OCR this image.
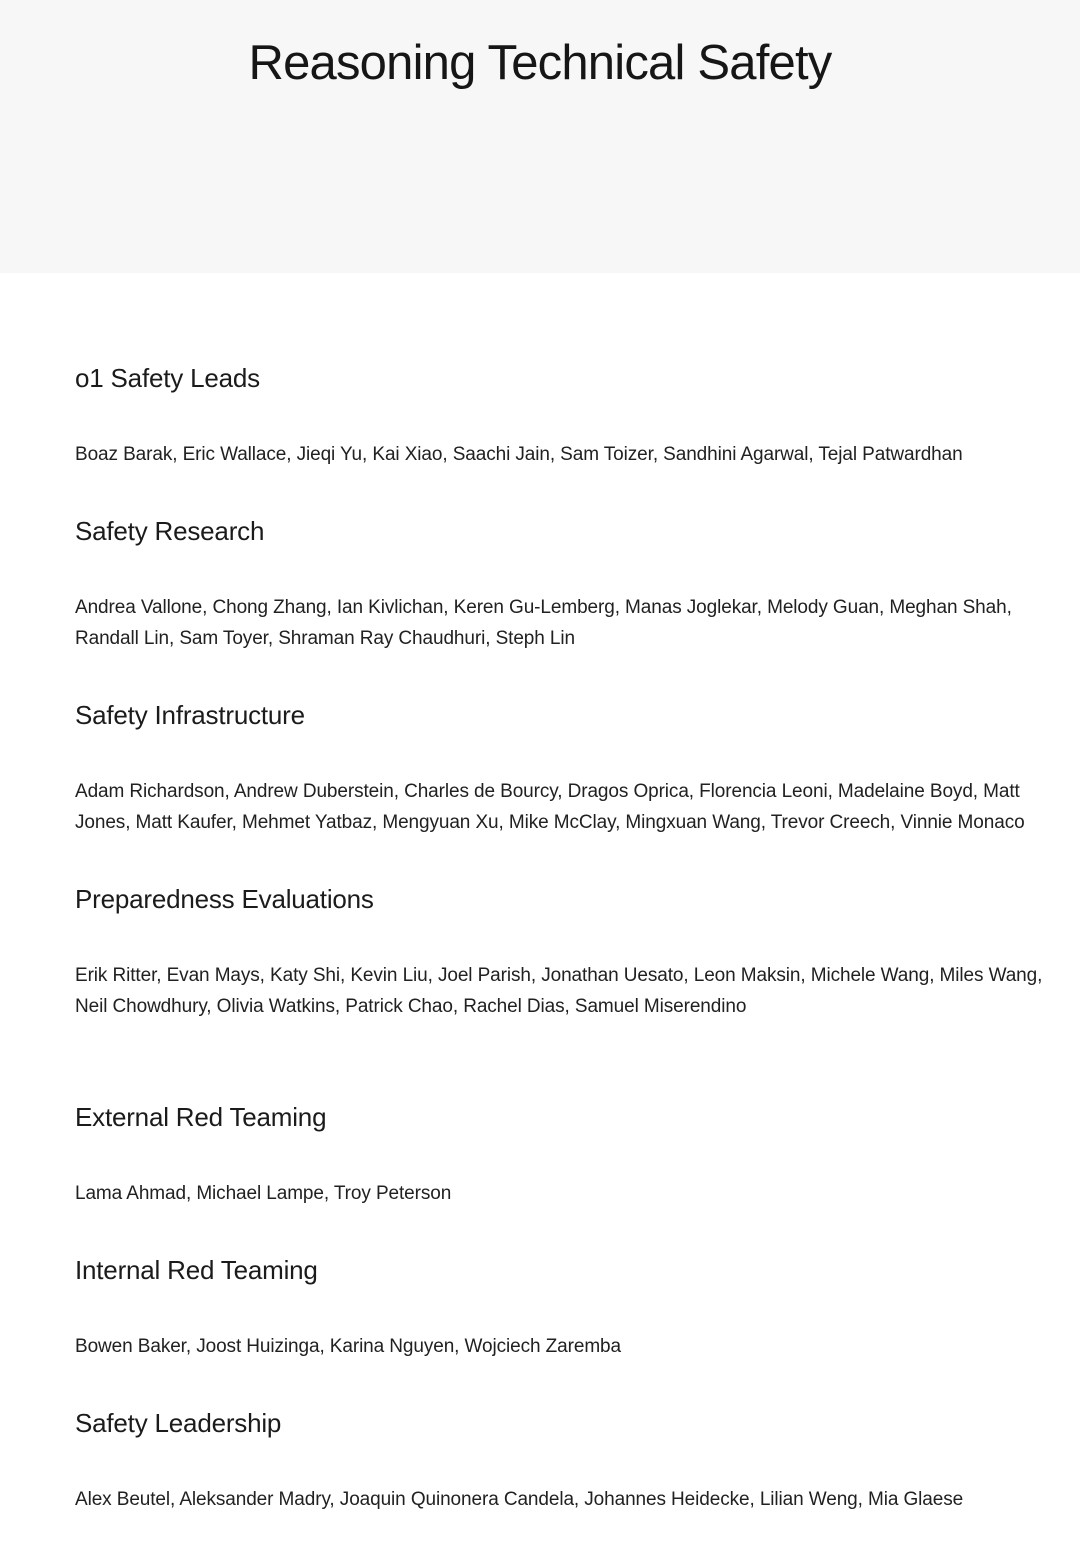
Reasoning Technical Safety
o1 Safety Leads

Boaz Barak, Eric Wallace, Jieqi Yu, Kai Xiao, Saachi Jain, Sam Toizer, Sandhini Agarwal, Tejal Patwardhan

Safety Research

Andrea Vallone, Chong Zhang, Ian Kivlichan, Keren Gu-Lemberg, Manas Joglekar, Melody Guan, Meghan Shah, Randall Lin, Sam Toyer, Shraman Ray Chaudhuri, Steph Lin

Safety Infrastructure

Adam Richardson, Andrew Duberstein, Charles de Bourcy, Dragos Oprica, Florencia Leoni, Madelaine Boyd, Matt Jones, Matt Kaufer, Mehmet Yatbaz, Mengyuan Xu, Mike McClay, Mingxuan Wang, Trevor Creech, Vinnie Monaco

Preparedness Evaluations

Erik Ritter, Evan Mays, Katy Shi, Kevin Liu, Joel Parish, Jonathan Uesato, Leon Maksin, Michele Wang, Miles Wang, Neil Chowdhury, Olivia Watkins, Patrick Chao, Rachel Dias, Samuel Miserendino

External Red Teaming

Lama Ahmad, Michael Lampe, Troy Peterson

Internal Red Teaming

Bowen Baker, Joost Huizinga, Karina Nguyen, Wojciech Zaremba

Safety Leadership

Alex Beutel, Aleksander Madry, Joaquin Quinonera Candela, Johannes Heidecke, Lilian Weng, Mia Glaese
